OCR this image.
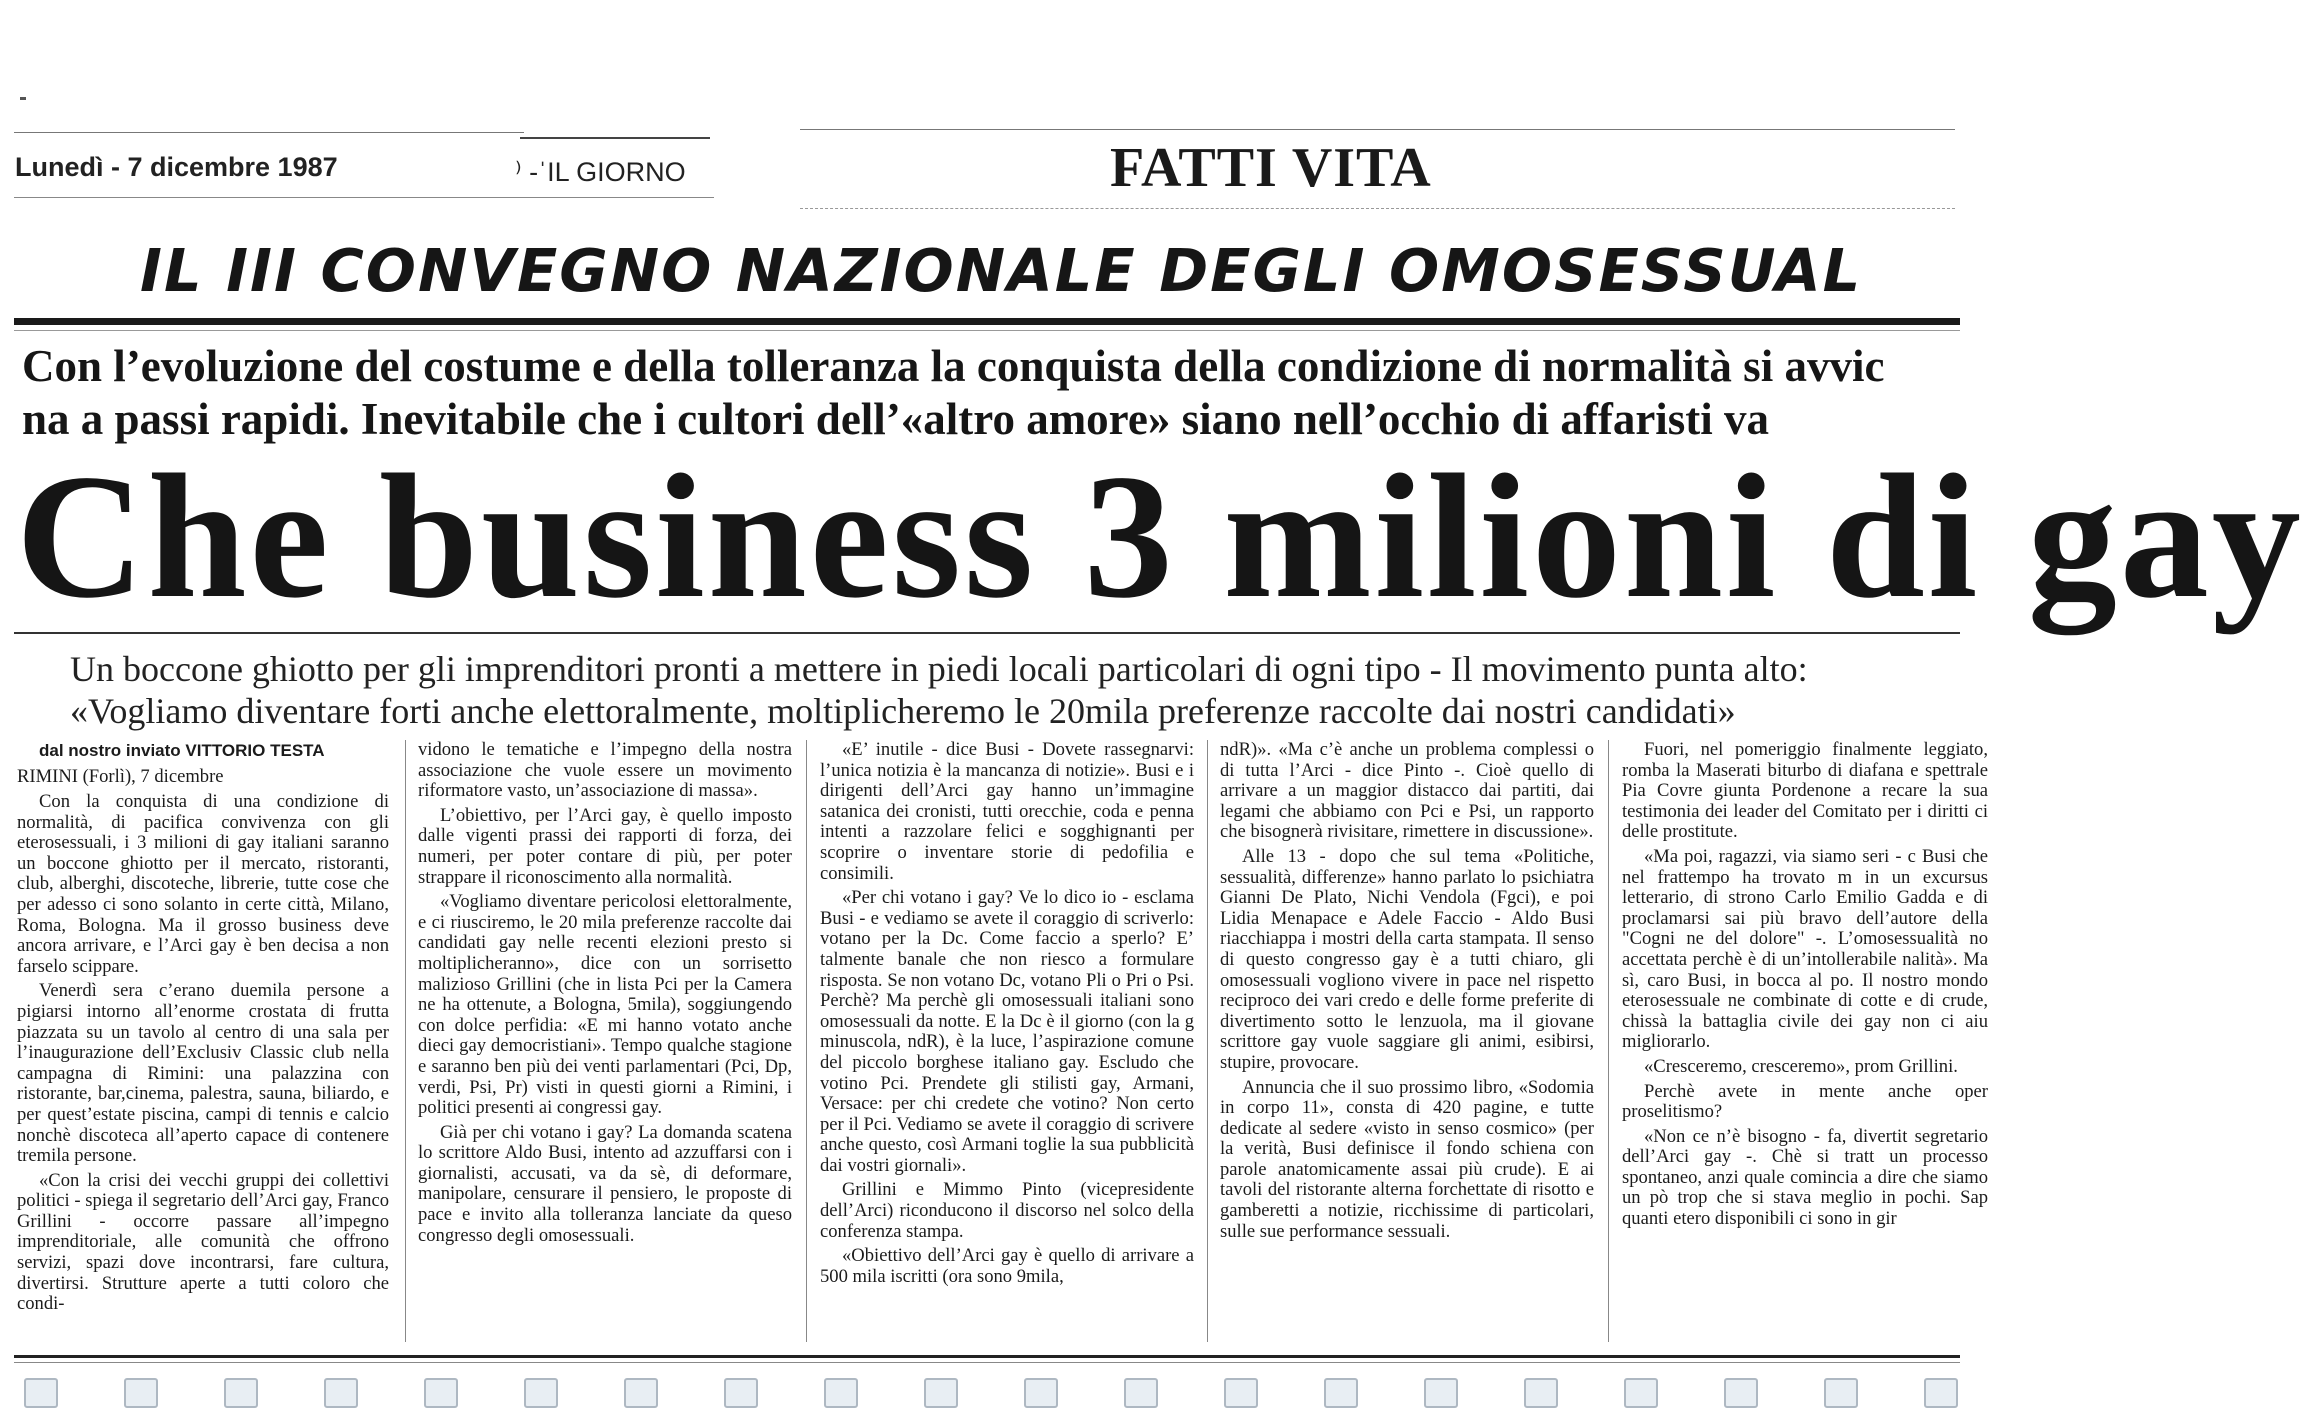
Lunedì - 7 dicembre 1987	⁾ -ˈIL GIORNO	FATTI VITA
IL III CONVEGNO NAZIONALE DEGLI OMOSESSUAL
Con l’evoluzione del costume e della tolleranza la conquista della condizione di normalità si avvic
na a passi rapidi. Inevitabile che i cultori dell’«altro amore» siano nell’occhio di affaristi va
Che business 3 milioni di gay
Un boccone ghiotto per gli imprenditori pronti a mettere in piedi locali particolari di ogni tipo - Il movimento punta alto:
«Vogliamo diventare forti anche elettoralmente, moltiplicheremo le 20mila preferenze raccolte dai nostri candidati»

dal nostro inviato VITTORIO TESTA

RIMINI (Forlì), 7 dicembre

Con la conquista di una condizione di normalità, di pacifica convivenza con gli eterosessuali, i 3 milioni di gay italiani saranno un boccone ghiotto per il mercato, ristoranti, club, alberghi, discoteche, librerie, tutte cose che per adesso ci sono solanto in certe città, Milano, Roma, Bologna. Ma il grosso business deve ancora arrivare, e l’Arci gay è ben decisa a non farselo scippare.

Venerdì sera c’erano duemila persone a pigiarsi intorno all’enorme crostata di frutta piazzata su un tavolo al centro di una sala per l’inaugurazione dell’Exclusiv Classic club nella campagna di Rimini: una palazzina con ristorante, bar,cinema, palestra, sauna, biliardo, e per quest’estate piscina, campi di tennis e calcio nonchè discoteca all’aperto capace di contenere tremila persone.

«Con la crisi dei vecchi gruppi dei collettivi politici - spiega il segretario dell’Arci gay, Franco Grillini - occorre passare all’impegno imprenditoriale, alle comunità che offrono servizi, spazi dove incontrarsi, fare cultura, divertirsi. Strutture aperte a tutti coloro che condi-

vidono le tematiche e l’impegno della nostra associazione che vuole essere un movimento riformatore vasto, un’associazione di massa».

L’obiettivo, per l’Arci gay, è quello imposto dalle vigenti prassi dei rapporti di forza, dei numeri, per poter contare di più, per poter strappare il riconoscimento alla normalità.

«Vogliamo diventare pericolosi elettoralmente, e ci riusciremo, le 20 mila preferenze raccolte dai candidati gay nelle recenti elezioni presto si moltiplicheranno», dice con un sorrisetto malizioso Grillini (che in lista Pci per la Camera ne ha ottenute, a Bologna, 5mila), soggiungendo con dolce perfidia: «E mi hanno votato anche dieci gay democristiani». Tempo qualche stagione e saranno ben più dei venti parlamentari (Pci, Dp, verdi, Psi, Pr) visti in questi giorni a Rimini, i politici presenti ai congressi gay.

Già per chi votano i gay? La domanda scatena lo scrittore Aldo Busi, intento ad azzuffarsi con i giornalisti, accusati, va da sè, di deformare, manipolare, censurare il pensiero, le proposte di pace e invito alla tolleranza lanciate da queso congresso degli omosessuali.

«E’ inutile - dice Busi - Dovete rassegnarvi: l’unica notizia è la mancanza di notizie». Busi e i dirigenti dell’Arci gay hanno un’immagine satanica dei cronisti, tutti orecchie, coda e penna intenti a razzolare felici e sogghignanti per scoprire o inventare storie di pedofilia e consimili.

«Per chi votano i gay? Ve lo dico io - esclama Busi - e vediamo se avete il coraggio di scriverlo: votano per la Dc. Come faccio a sperlo? E’ talmente banale che non riesco a formulare risposta. Se non votano Dc, votano Pli o Pri o Psi. Perchè? Ma perchè gli omosessuali italiani sono omosessuali da notte. E la Dc è il giorno (con la g minuscola, ndR), è la luce, l’aspirazione comune del piccolo borghese italiano gay. Escludo che votino Pci. Prendete gli stilisti gay, Armani, Versace: per chi credete che votino? Non certo per il Pci. Vediamo se avete il coraggio di scrivere anche questo, così Armani toglie la sua pubblicità dai vostri giornali».

Grillini e Mimmo Pinto (vicepresidente dell’Arci) riconducono il discorso nel solco della conferenza stampa.

«Obiettivo dell’Arci gay è quello di arrivare a 500 mila iscritti (ora sono 9mila,

ndR)». «Ma c’è anche un problema complessi o di tutta l’Arci - dice Pinto -. Cioè quello di arrivare a un maggior distacco dai partiti, dai legami che abbiamo con Pci e Psi, un rapporto che bisognerà rivisitare, rimettere in discussione».

Alle 13 - dopo che sul tema «Politiche, sessualità, differenze» hanno parlato lo psichiatra Gianni De Plato, Nichi Vendola (Fgci), e poi Lidia Menapace e Adele Faccio - Aldo Busi riacchiappa i mostri della carta stampata. Il senso di questo congresso gay è a tutti chiaro, gli omosessuali vogliono vivere in pace nel rispetto reciproco dei vari credo e delle forme preferite di divertimento sotto le lenzuola, ma il giovane scrittore gay vuole saggiare gli animi, esibirsi, stupire, provocare.

Annuncia che il suo prossimo libro, «Sodomia in corpo 11», consta di 420 pagine, e tutte dedicate al sedere «visto in senso cosmico» (per la verità, Busi definisce il fondo schiena con parole anatomicamente assai più crude). E ai tavoli del ristorante alterna forchettate di risotto e gamberetti a notizie, ricchissime di particolari, sulle sue performance sessuali.

Fuori, nel pomeriggio finalmente leggiato, romba la Maserati biturbo di diafana e spettrale Pia Covre giunta Pordenone a recare la sua testimonia dei leader del Comitato per i diritti ci delle prostitute.

«Ma poi, ragazzi, via siamo seri - c Busi che nel frattempo ha trovato m in un excursus letterario, di strono Carlo Emilio Gadda e di proclamarsi sai più bravo dell’autore della "Cogni ne del dolore" -. L’omosessualità no accettata perchè è di un’intollerabile nalità». Ma sì, caro Busi, in bocca al po. Il nostro mondo eterosessuale ne combinate di cotte e di crude, chissà la battaglia civile dei gay non ci aiu migliorarlo.

«Cresceremo, cresceremo», prom Grillini.

Perchè avete in mente anche oper proselitismo?

«Non ce n’è bisogno - fa, divertit segretario dell’Arci gay -. Chè si tratt un processo spontaneo, anzi quale comincia a dire che siamo un pò trop che si stava meglio in pochi. Sap quanti etero disponibili ci sono in gir
